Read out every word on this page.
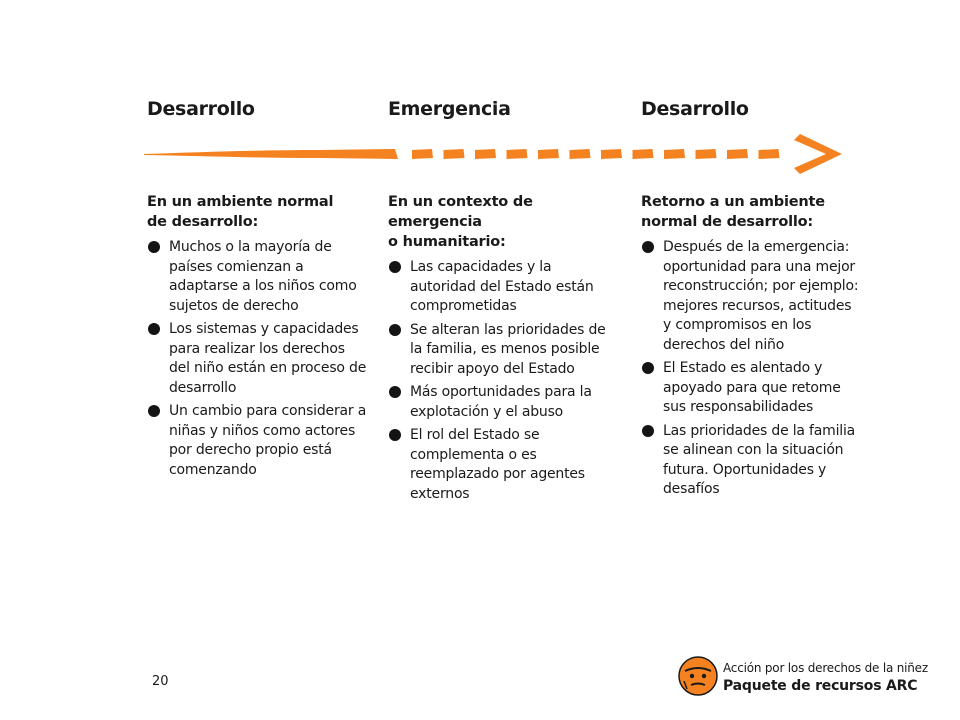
Desarrollo	Emergencia	Desarrollo
En un ambiente normal
de desarrollo:
Muchos o la mayoría de países comienzan a adaptarse a los niños como sujetos de derecho
Los sistemas y capacidades para realizar los derechos del niño están en proceso de desarrollo
Un cambio para considerar a niñas y niños como actores por derecho propio está comenzando
En un contexto de emergencia
o humanitario:
Las capacidades y la autoridad del Estado están comprometidas
Se alteran las prioridades de la familia, es menos posible recibir apoyo del Estado
Más oportunidades para la explotación y el abuso
El rol del Estado se complementa o es reemplazado por agentes externos
Retorno a un ambiente
normal de desarrollo:
Después de la emergencia: oportunidad para una mejor reconstrucción; por ejemplo: mejores recursos, actitudes y compromisos en los derechos del niño
El Estado es alentado y apoyado para que retome sus responsabilidades
Las prioridades de la familia se alinean con la situación futura. Oportunidades y desafíos
20
Acción por los derechos de la niñez
Paquete de recursos ARC
